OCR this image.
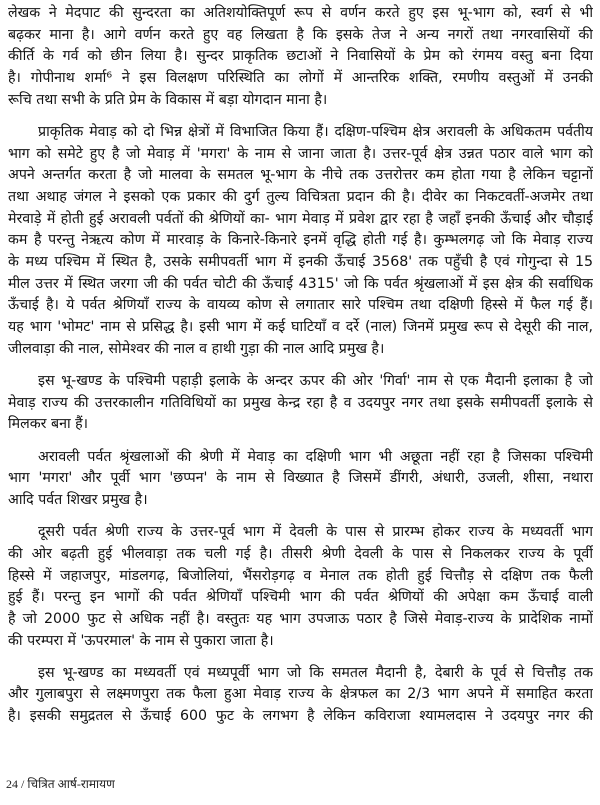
लेखक ने मेदपाट की सुन्दरता का अतिशयोक्तिपूर्ण रूप से वर्णन करते हुए इस भू-भाग को, स्वर्ग से भी
बढ़कर माना है। आगे वर्णन करते हुए वह लिखता है कि इसके तेज ने अन्य नगरों तथा नगरवासियों की
कीर्ति के गर्व को छीन लिया है। सुन्दर प्राकृतिक छटाओं ने निवासियों के प्रेम को रंगमय वस्तु बना दिया
है। गोपीनाथ शर्मा⁶ ने इस विलक्षण परिस्थिति का लोगों में आन्तरिक शक्ति, रमणीय वस्तुओं में उनकी
रूचि तथा सभी के प्रति प्रेम के विकास में बड़ा योगदान माना है।
प्राकृतिक मेवाड़ को दो भिन्न क्षेत्रों में विभाजित किया हैं। दक्षिण-पश्चिम क्षेत्र अरावली के अधिकतम पर्वतीय
भाग को समेटे हुए है जो मेवाड़ में 'मगरा' के नाम से जाना जाता है। उत्तर-पूर्व क्षेत्र उन्नत पठार वाले भाग को
अपने अन्तर्गत करता है जो मालवा के समतल भू-भाग के नीचे तक उत्तरोत्तर कम होता गया है लेकिन चट्टानों
तथा अथाह जंगल ने इसको एक प्रकार की दुर्ग तुल्य विचित्रता प्रदान की है। दीवेर का निकटवर्ती-अजमेर तथा
मेरवाड़े में होती हुई अरावली पर्वतों की श्रेणियों का- भाग मेवाड़ में प्रवेश द्वार रहा है जहाँ इनकी ऊँचाई और चौड़ाई
कम है परन्तु नेऋत्य कोण में मारवाड़ के किनारे-किनारे इनमें वृद्धि होती गई है। कुम्भलगढ़ जो कि मेवाड़ राज्य
के मध्य पश्चिम में स्थित है, उसके समीपवर्ती भाग में इनकी ऊँचाई 3568' तक पहुँची है एवं गोगुन्दा से 15
मील उत्तर में स्थित जरगा जी की पर्वत चोटी की ऊँचाई 4315' जो कि पर्वत श्रृंखलाओं में इस क्षेत्र की सर्वाधिक
ऊँचाई है। ये पर्वत श्रेणियाँ राज्य के वायव्य कोण से लगातार सारे पश्चिम तथा दक्षिणी हिस्से में फैल गई हैं।
यह भाग 'भोमट' नाम से प्रसिद्ध है। इसी भाग में कई घाटियाँ व दर्रे (नाल) जिनमें प्रमुख रूप से देसूरी की नाल,
जीलवाड़ा की नाल, सोमेश्वर की नाल व हाथी गुड़ा की नाल आदि प्रमुख है।
इस भू-खण्ड के पश्चिमी पहाड़ी इलाके के अन्दर ऊपर की ओर 'गिर्वा' नाम से एक मैदानी इलाका है जो
मेवाड़ राज्य की उत्तरकालीन गतिविधियों का प्रमुख केन्द्र रहा है व उदयपुर नगर तथा इसके समीपवर्ती इलाके से
मिलकर बना हैं।
अरावली पर्वत श्रृंखलाओं की श्रेणी में मेवाड़ का दक्षिणी भाग भी अछूता नहीं रहा है जिसका पश्चिमी
भाग 'मगरा' और पूर्वी भाग 'छप्पन' के नाम से विख्यात है जिसमें डींगरी, अंधारी, उजली, शीसा, नथारा
आदि पर्वत शिखर प्रमुख है।
दूसरी पर्वत श्रेणी राज्य के उत्तर-पूर्व भाग में देवली के पास से प्रारम्भ होकर राज्य के मध्यवर्ती भाग
की ओर बढ़ती हुई भीलवाड़ा तक चली गई है। तीसरी श्रेणी देवली के पास से निकलकर राज्य के पूर्वी
हिस्से में जहाजपुर, मांडलगढ़, बिजोलियां, भैंसरोड़गढ़ व मेनाल तक होती हुई चित्तौड़ से दक्षिण तक फैली
हुई हैं। परन्तु इन भागों की पर्वत श्रेणियाँ पश्चिमी भाग की पर्वत श्रेणियों की अपेक्षा कम ऊँचाई वाली
है जो 2000 फुट से अधिक नहीं है। वस्तुतः यह भाग उपजाऊ पठार है जिसे मेवाड़-राज्य के प्रादेशिक नामों
की परम्परा में 'ऊपरमाल' के नाम से पुकारा जाता है।
इस भू-खण्ड का मध्यवर्ती एवं मध्यपूर्वी भाग जो कि समतल मैदानी है, देबारी के पूर्व से चित्तौड़ तक
और गुलाबपुरा से लक्ष्मणपुरा तक फैला हुआ मेवाड़ राज्य के क्षेत्रफल का 2/3 भाग अपने में समाहित करता
है। इसकी समुद्रतल से ऊँचाई 600 फुट के लगभग है लेकिन कविराजा श्यामलदास ने उदयपुर नगर की
24 / चित्रित आर्ष-रामायण
